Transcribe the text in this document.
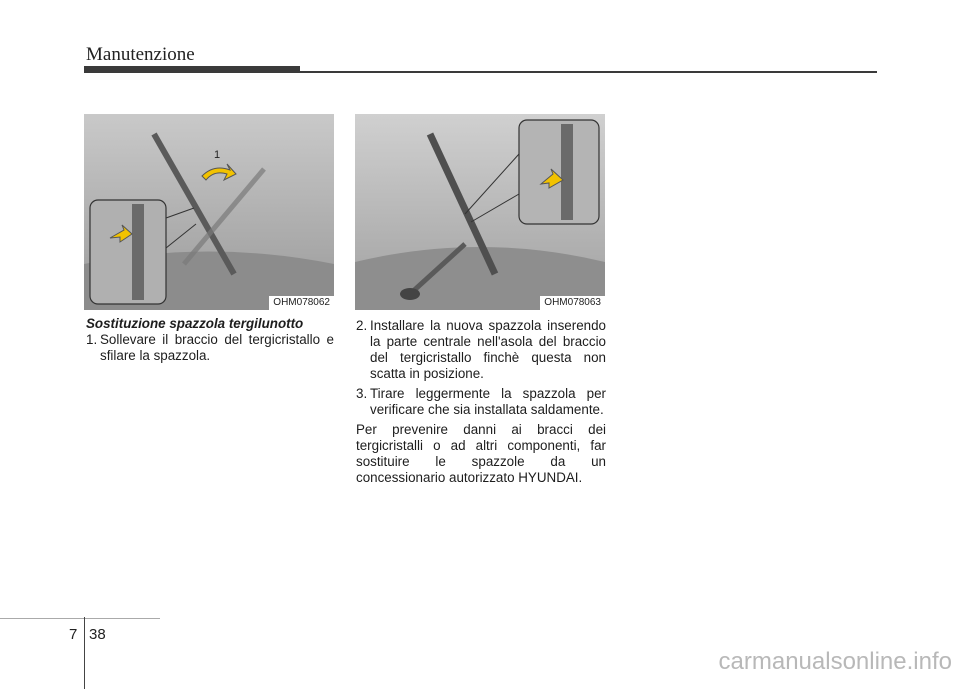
Manutenzione
1
OHM078062	OHM078063
Sostituzione spazzola tergilunotto
1. Sollevare il braccio del tergicristallo e sfilare la spazzola.
2. Installare la nuova spazzola inserendo la parte centrale nell'asola del braccio del tergicristallo finchè questa non scatta in posizione.
3. Tirare leggermente la spazzola per verificare che sia installata saldamente.
Per prevenire danni ai bracci dei tergicristalli o ad altri componenti, far sostituire le spazzole da un concessionario autorizzato HYUNDAI.
7 38
carmanualsonline.info
